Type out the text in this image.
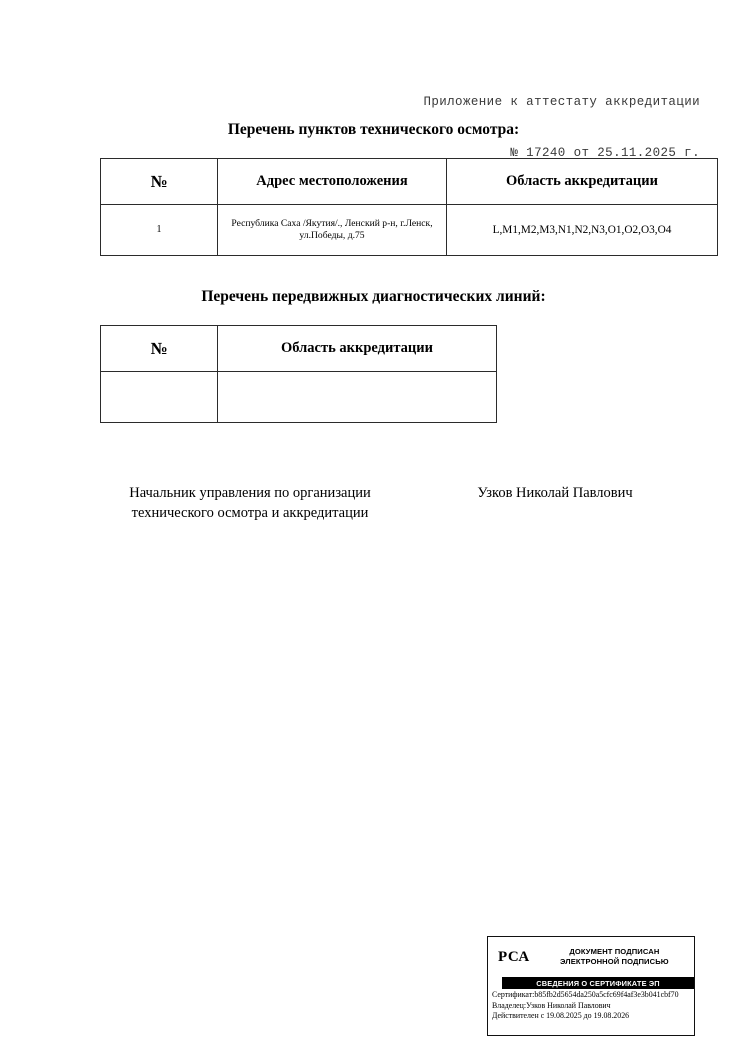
Приложение к аттестату аккредитации

№ 17240 от 25.11.2025 г.

Перечень пунктов технического осмотра:
№	Адрес местоположения	Область аккредитации
1	Республика Саха /Якутия/., Ленский р-н, г.Ленск, ул.Победы, д.75	L,M1,M2,M3,N1,N2,N3,O1,O2,O3,O4
Перечень передвижных диагностических линий:
№	Область аккредитации

Начальник управления по организации технического осмотра и аккредитации
Узков Николай Павлович
РСА	ДОКУМЕНТ ПОДПИСАН
ЭЛЕКТРОННОЙ ПОДПИСЬЮ
СВЕДЕНИЯ О СЕРТИФИКАТЕ ЭП
Сертификат:b85fb2d5654da250a5cfc69f4af3e3b041cbf70
Владелец:Узков Николай Павлович
Действителен с 19.08.2025 до 19.08.2026
